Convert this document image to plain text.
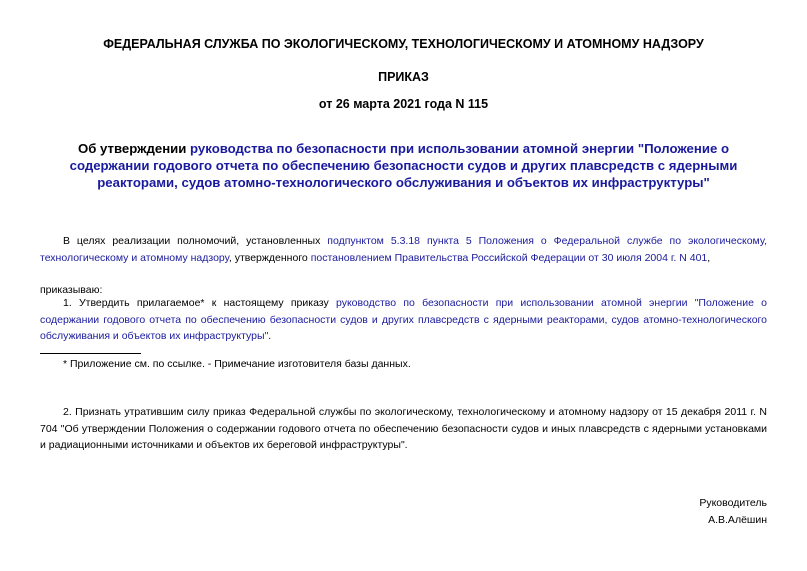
ФЕДЕРАЛЬНАЯ СЛУЖБА ПО ЭКОЛОГИЧЕСКОМУ, ТЕХНОЛОГИЧЕСКОМУ И АТОМНОМУ НАДЗОРУ
ПРИКАЗ
от 26 марта 2021 года N 115
Об утверждении руководства по безопасности при использовании атомной энергии "Положение о содержании годового отчета по обеспечению безопасности судов и других плавсредств с ядерными реакторами, судов атомно-технологического обслуживания и объектов их инфраструктуры"
В целях реализации полномочий, установленных подпунктом 5.3.18 пункта 5 Положения о Федеральной службе по экологическому, технологическому и атомному надзору, утвержденного постановлением Правительства Российской Федерации от 30 июля 2004 г. N 401,
приказываю:
1. Утвердить прилагаемое* к настоящему приказу руководство по безопасности при использовании атомной энергии "Положение о содержании годового отчета по обеспечению безопасности судов и других плавсредств с ядерными реакторами, судов атомно-технологического обслуживания и объектов их инфраструктуры".
* Приложение см. по ссылке. - Примечание изготовителя базы данных.
2. Признать утратившим силу приказ Федеральной службы по экологическому, технологическому и атомному надзору от 15 декабря 2011 г. N 704 "Об утверждении Положения о содержании годового отчета по обеспечению безопасности судов и иных плавсредств с ядерными установками и радиационными источниками и объектов их береговой инфраструктуры".
Руководитель
А.В.Алёшин
